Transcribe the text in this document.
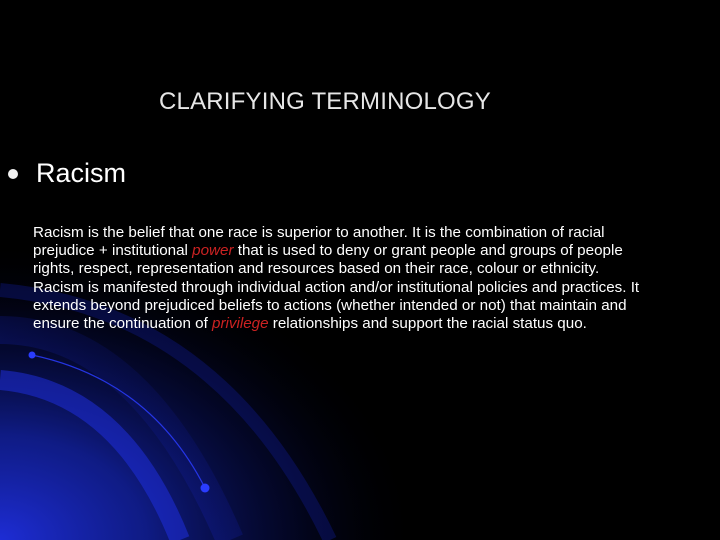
CLARIFYING TERMINOLOGY
Racism
Racism is the belief that one race is superior to another. It is the combination of racial prejudice + institutional power that is used to deny or grant people and groups of people rights, respect, representation and resources based on their race, colour or ethnicity. Racism is manifested through individual action and/or institutional policies and practices. It extends beyond prejudiced beliefs to actions (whether intended or not) that maintain and ensure the continuation of privilege relationships and support the racial status quo.
